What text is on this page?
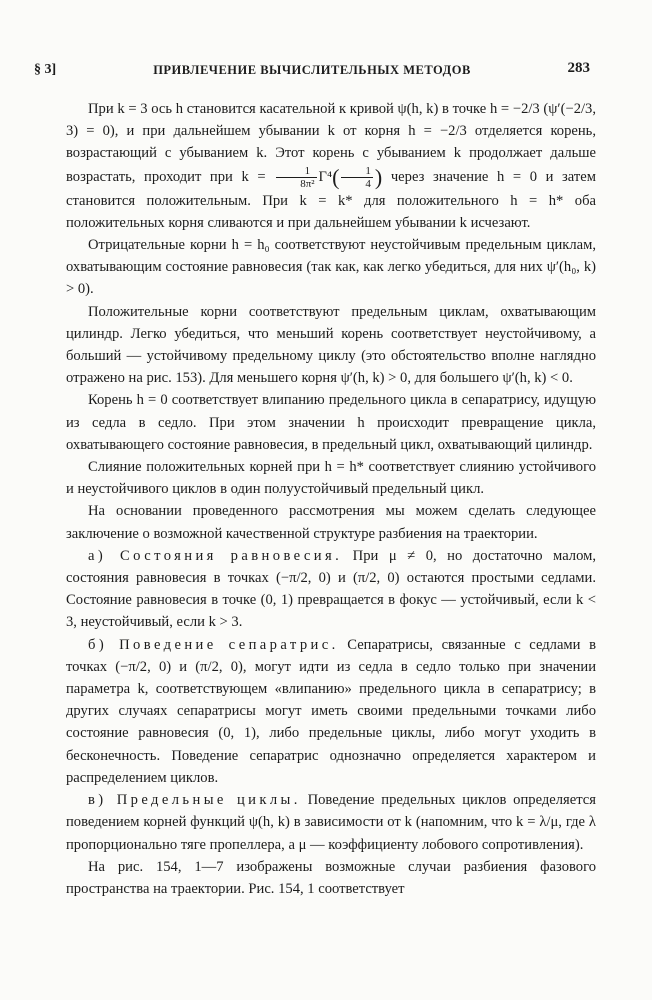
§ 3]	ПРИВЛЕЧЕНИЕ ВЫЧИСЛИТЕЛЬНЫХ МЕТОДОВ	283

При k = 3 ось h становится касательной к кривой ψ(h, k) в точке h = −2/3 (ψ′(−2/3, 3) = 0), и при дальнейшем убывании k от корня h = −2/3 отделяется корень, возрастающий с убыванием k. Этот корень с убыванием k продолжает дальше возрастать, проходит при $k = \frac{1}{\text{8π²}} \Gamma^4( \frac{1}{4}$ ) через значение h = 0 и затем становится положительным. При k = k* для положительного h = h* оба положительных корня сливаются и при дальнейшем убывании k исчезают.

Отрицательные корни h = h₀ соответствуют неустойчивым предельным циклам, охватывающим состояние равновесия (так как, как легко убедиться, для них ψ′(h₀, k) > 0).

Положительные корни соответствуют предельным циклам, охватывающим цилиндр. Легко убедиться, что меньший корень соответствует неустойчивому, а больший — устойчивому предельному циклу (это обстоятельство вполне наглядно отражено на рис. 153). Для меньшего корня ψ′(h, k) > 0, для большего ψ′(h, k) < 0.

Корень h = 0 соответствует влипанию предельного цикла в сепаратрису, идущую из седла в седло. При этом значении h происходит превращение цикла, охватывающего состояние равновесия, в предельный цикл, охватывающий цилиндр.

Слияние положительных корней при h = h* соответствует слиянию устойчивого и неустойчивого циклов в один полуустойчивый предельный цикл.

На основании проведенного рассмотрения мы можем сделать следующее заключение о возможной качественной структуре разбиения на траектории.

а) Состояния равновесия. При μ ≠ 0, но достаточно малом, состояния равновесия в точках (−π/2, 0) и (π/2, 0) остаются простыми седлами. Состояние равновесия в точке (0, 1) превращается в фокус — устойчивый, если k < 3, неустойчивый, если k > 3.

б) Поведение сепаратрис. Сепаратрисы, связанные с седлами в точках (−π/2, 0) и (π/2, 0), могут идти из седла в седло только при значении параметра k, соответствующем «влипанию» предельного цикла в сепаратрису; в других случаях сепаратрисы могут иметь своими предельными точками либо состояние равновесия (0, 1), либо предельные циклы, либо могут уходить в бесконечность. Поведение сепаратрис однозначно определяется характером и распределением циклов.

в) Предельные циклы. Поведение предельных циклов определяется поведением корней функций ψ(h, k) в зависимости от k (напомним, что k = λ/μ, где λ пропорционально тяге пропеллера, а μ — коэффициенту лобового сопротивления).

На рис. 154, 1—7 изображены возможные случаи разбиения фазового пространства на траектории. Рис. 154, 1 соответствует
